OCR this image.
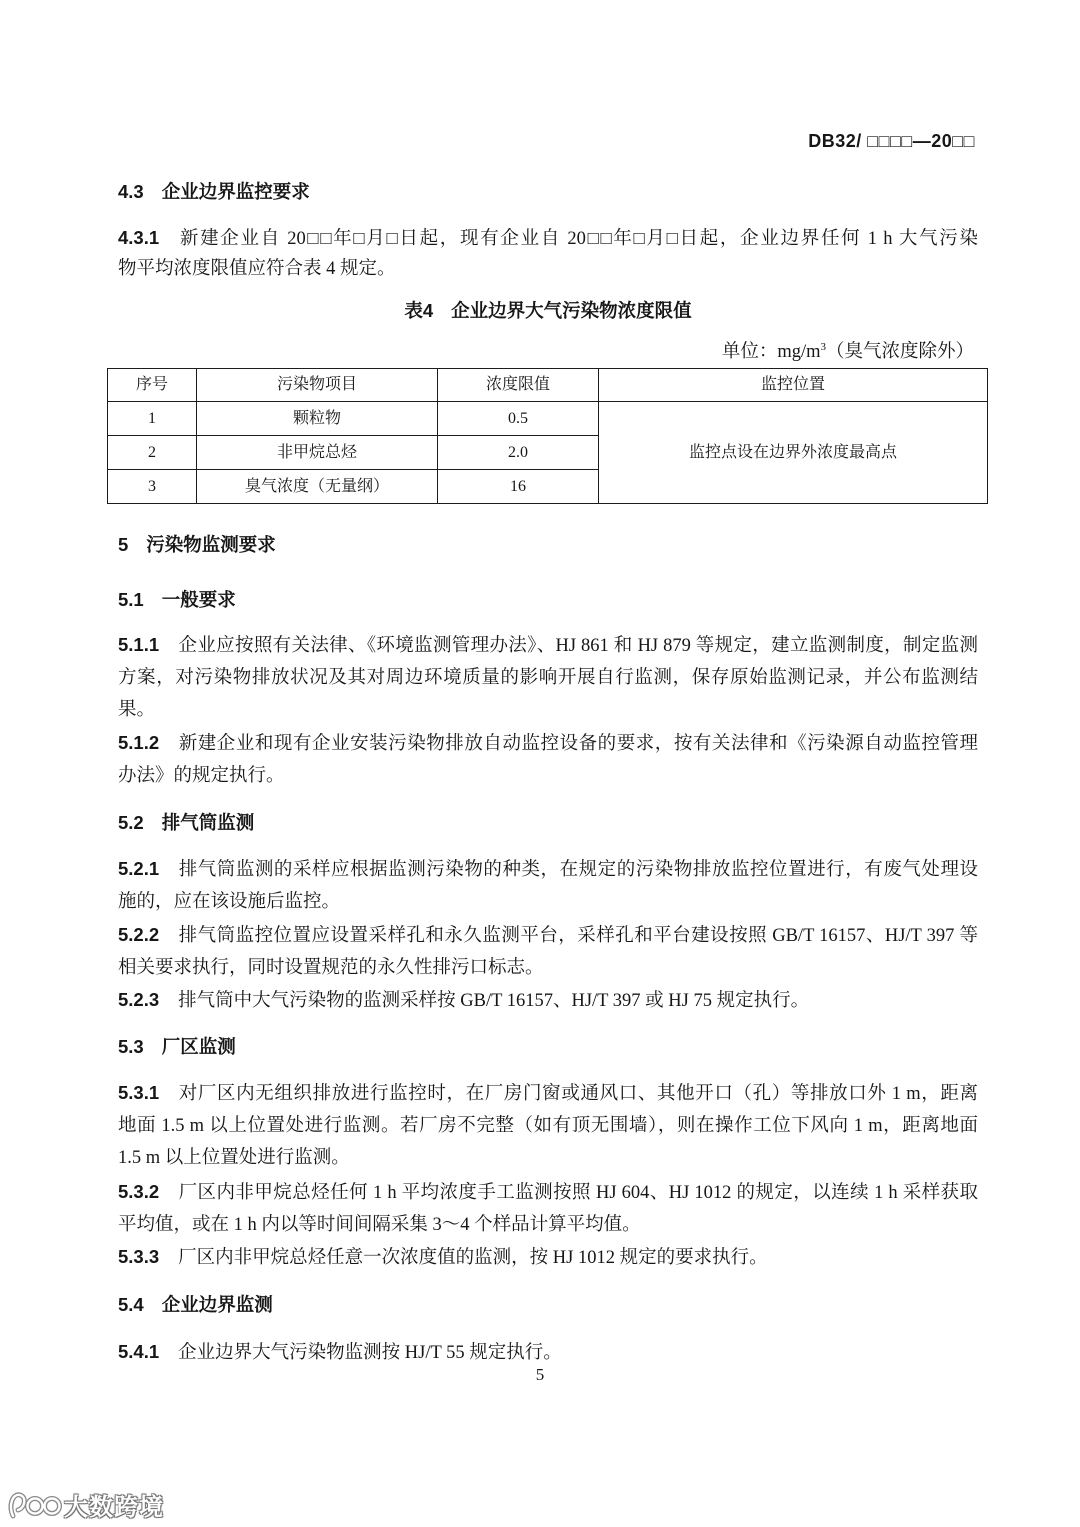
DB32/ □□□□—20□□
4.3 企业边界监控要求
4.3.1 新建企业自 20□□年□月□日起，现有企业自 20□□年□月□日起，企业边界任何 1 h 大气污染
物平均浓度限值应符合表 4 规定。
表4 企业边界大气污染物浓度限值
单位：$mg/m^3$（臭气浓度除外）
序号	污染物项目	浓度限值	监控位置
1	颗粒物	0.5	监控点设在边界外浓度最高点
2	非甲烷总烃	2.0	
3	臭气浓度（无量纲）	16	
5 污染物监测要求
5.1 一般要求
5.1.1 企业应按照有关法律、《环境监测管理办法》、HJ 861 和 HJ 879 等规定，建立监测制度，制定监测
方案，对污染物排放状况及其对周边环境质量的影响开展自行监测，保存原始监测记录，并公布监测结
果。
5.1.2 新建企业和现有企业安装污染物排放自动监控设备的要求，按有关法律和《污染源自动监控管理
办法》的规定执行。
5.2 排气筒监测
5.2.1 排气筒监测的采样应根据监测污染物的种类，在规定的污染物排放监控位置进行，有废气处理设
施的，应在该设施后监控。
5.2.2 排气筒监控位置应设置采样孔和永久监测平台，采样孔和平台建设按照 GB/T 16157、HJ/T 397 等
相关要求执行，同时设置规范的永久性排污口标志。
5.2.3 排气筒中大气污染物的监测采样按 GB/T 16157、HJ/T 397 或 HJ 75 规定执行。
5.3 厂区监测
5.3.1 对厂区内无组织排放进行监控时，在厂房门窗或通风口、其他开口（孔）等排放口外 1 m，距离
地面 1.5 m 以上位置处进行监测。若厂房不完整（如有顶无围墙），则在操作工位下风向 1 m，距离地面
1.5 m 以上位置处进行监测。
5.3.2 厂区内非甲烷总烃任何 1 h 平均浓度手工监测按照 HJ 604、HJ 1012 的规定，以连续 1 h 采样获取
平均值，或在 1 h 内以等时间间隔采集 3～4 个样品计算平均值。
5.3.3 厂区内非甲烷总烃任意一次浓度值的监测，按 HJ 1012 规定的要求执行。
5.4 企业边界监测
5.4.1 企业边界大气污染物监测按 HJ/T 55 规定执行。
5
大数跨境
